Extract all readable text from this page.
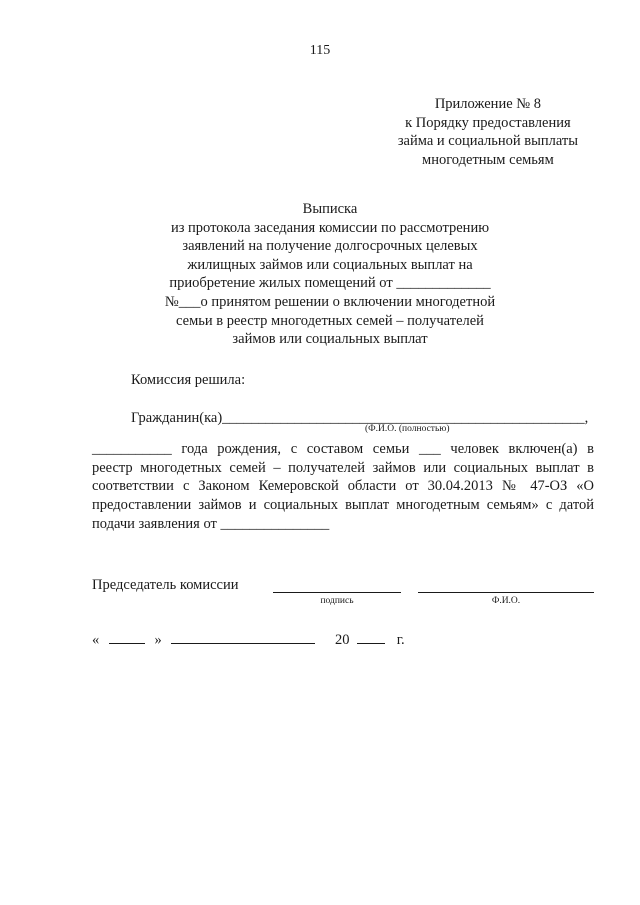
115
Приложение № 8
к Порядку предоставления
займа и социальной выплаты
многодетным семьям
Выписка
из протокола заседания комиссии по рассмотрению
заявлений на получение долгосрочных целевых
жилищных займов или социальных выплат на
приобретение жилых помещений от _____________
№___о принятом решении о включении многодетной
семьи в реестр многодетных семей – получателей
займов или социальных выплат
Комиссия решила:
Гражданин(ка)__________________________________________________,
(Ф.И.О. (полностью)
___________ года рождения, с составом семьи ___ человек включен(а) в
реестр многодетных семей – получателей займов или социальных выплат в
соответствии с Законом Кемеровской области от 30.04.2013 № 47-ОЗ «О
предоставлении займов и социальных выплат многодетным семьям» с датой
подачи заявления от _______________
Председатель комиссии
подпись	Ф.И.О.
«	»	20	г.
